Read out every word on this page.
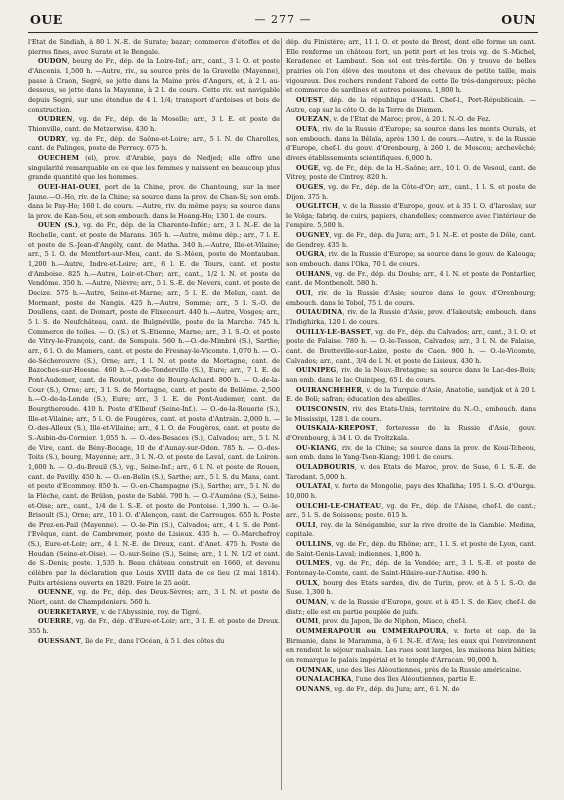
OUE	— 277 —	OUN

l'Etat de Sindiah, à 80 l. N.-E. de Surate; bazar; commerce d'étoffes et de pierres fines, avec Surate et le Bengale.

OUDON, bourg de Fr., dép. de la Loire-Inf.; arr., cant., 3 l. O. et poste d'Ancenis. 1,500 h. —Autre, riv., sa source près de la Gravelle (Mayenne), passe à Craon, Segré, se jette dans la Maine près d'Angers, et, à 2 l. au-dessous, se jette dans la Mayenne, à 2 l. de cours. Cette riv. est navigable depuis Segré, sur une étendue de 4 l. 1/4; transport d'ardoises et bois de construction.

OUDREN, vg. de Fr., dép. de la Moselle; arr., 3 l. E. et poste de Thionville, cant. de Metzerwise. 430 h.

OUDRY, vg. de Fr., dép. de Saône-et-Loire; arr., 5 l. N. de Charolles, cant. de Palinges, poste de Perrecy. 675 h.

OUECHEM (el), prov. d'Arabie, pays de Nedjed; elle offre une singularité remarquable en ce que les femmes y naissent en beaucoup plus grande quantité que les hommes.

OUEI-HAI-OUEI, port de la Chine, prov. de Chantoung, sur la mer Jaune.—O.-Ho, riv. de la Chine; sa source dans la prov. de Chan-Si; son emb. dans le Pay-Ho; 160 l. de cours. —Autre, riv. du même pays; sa source dans la prov. de Kan-Sou, et son embouch. dans le Hoang-Ho; 130 l. de cours.

OUEN (S.), vg. de Fr., dép. de la Charente-Infér.; arr., 3 l. N.-E. de la Rochelle, cant. et poste de Marans. 365 h. —Autre, même dép.; arr., 7 l. E. et poste de S.-Jean-d'Angély, cant. de Matha. 340 h.—Autre, Ille-et-Vilaine; arr., 5 l. O. de Montfort-sur-Meu, cant. de S.-Méen, poste de Montauban. 1,200 h.—Autre, Indre-et-Loire; arr., 6 l. E. de Tours, cant. et poste d'Amboise. 825 h.—Autre, Loir-et-Cher; arr., cant., 1/2 l. N. et poste de Vendôme. 350 h. —Autre, Nièvre; arr., 5 l. S.-E. de Nevers, cant. et poste de Decize. 575 h.—Autre, Seine-et-Marne; arr., 5 l. E. de Melun, cant. de Mormant, poste de Nangis. 425 h.—Autre, Somme; arr., 5 l. S.-O. de Doullens, cant. de Domart, poste de Flixecourt. 440 h.—Autre, Vosges; arr., 5 l. S. de Neufchâteau, cant. de Bulgnéville, poste de la Marche. 745 h. Commerce de toiles. — O. (S.) et S.-Etienne, Marne; arr., 3 l. S.-O. et poste de Vitry-le-François, cant. de Sompuis. 560 h.—O.-de-Mimbré (S.), Sarthe; arr., 6 l. O. de Mamers, cant. et poste de Fresnay-le-Vicomte. 1,070 h. — O.-de-Sécherouvre (S.), Orne; arr., 1 l. N. et poste de Mortagne, cant. de Bazoches-sur-Hoesne. 460 h.—O.-de-Tonderville (S.), Eure; arr., 7 l. E. de Pont-Audemer, cant. de Routot, poste de Bourg-Achard. 800 h. — O.-de-la-Cour (S.), Orne; arr., 3 l. S. de Mortagne, cant. et poste de Bellême. 2,500 h.—O.-de-la-Londe (S.), Eure; arr., 3 l. E. de Pont-Audemer, cant. de Bourgtheroude. 410 h. Poste d'Elbeuf (Seine-Inf.). — O.-de-la-Rouerie (S.), Ille-et-Vilaine; arr., 5 l. O. de Fougères, cant. et poste d'Antrain. 2,000 h. — O.-des-Alleux (S.), Ille-et-Vilaine; arr., 4 l. O. de Fougères, cant. et poste de S.-Aubin-du-Cormier. 1,055 h. — O.-des-Besaces (S.), Calvados; arr., 5 l. N. de Vire, cant. de Bény-Bocage, 10 de d'Aunay-sur-Odon. 785 h. — O.-des-Toits (S.), bourg, Mayenne; arr., 3 l. N.-O. et poste de Laval, cant. de Loiron. 1,600 h. — O.-du-Breuil (S.), vg., Seine-Inf.; arr., 6 l. N. et poste de Rouen, cant. de Pavilly. 450 h. — O.-en-Belin (S.), Sarthe; arr., 5 l. S. du Mans, cant. et poste d'Ecommoy. 850 h. — O.-en-Champagne (S.), Sarthe; arr., 5 l. N. de la Flèche, cant. de Brûlon, poste de Sablé. 790 h. — O.-l'Aumône (S.), Seine-et-Oise; arr., cant., 1/4 de l. S.-E. et poste de Pontoise. 1,390 h. — O.-le-Brisoult (S.), Orne; arr., 10 l. O. d'Alençon, cant. de Carrouges. 655 h. Poste de Prez-en-Pail (Mayenne). — O.-le-Pin (S.), Calvados; arr., 4 l. S. de Pont-l'Evêque, cant. de Cambremer, poste de Lisieux. 435 h. — O.-Marchefroy (S.), Eure-et-Loir; arr., 4 l. N.-E. de Dreux, cant. d'Anet. 475 h. Poste de Houdan (Seine-et-Oise). — O.-sur-Seine (S.), Seine; arr., 1 l. N. 1/2 et cant. de S.-Denis; poste. 1,535 h. Beau château construit en 1660, et devenu célèbre par la déclaration que Louis XVIII data de ce lieu (2 mai 1814). Puits artésiens ouverts en 1829. Foire le 25 août.

OUENNE, vg. de Fr., dép. des Deux-Sèvres; arr., 3 l. N. et poste de Niort, cant. de Champdeniers. 560 h.

OUERKETARYE, v. de l'Abyssinie, roy. de Tigré.

OUERRE, vg. de Fr., dép. d'Eure-et-Loir; arr., 3 l. E. et poste de Dreux. 355 h.

OUESSANT, île de Fr., dans l'Océan, à 5 l. des côtes du

dép. du Finistère; arr., 11 l. O. et poste de Brest, dont elle forme un cant. Elle renferme un château fort, un petit port et les trois vg. de S.-Michel, Keradenec et Lambaut. Son sol est très-fertile. On y trouve de belles prairies où l'on élève des moutons et des chevaux de petite taille, mais vigoureux. Des rochers rendent l'abord de cette île très-dangereux; pêche et commerce de sardines et autres poissons. 1,800 h.

OUEST, dép. de la république d'Haïti. Chef-l., Port-Républicain. — Autre, cap sur la côte O. de la Terre de Diemen.

OUEZAN, v. de l'Etat de Maroc; prov., à 20 l. N.-O. de Fez.

OUFA, riv. de la Russie d'Europe; sa source dans les monts Ourals, et son embouch. dans la Bêlaïa, après 130 l. de cours.—Autre, v. de la Russie d'Europe, chef-l. du gouv. d'Orenbourg, à 260 l. de Moscou; archevêché; divers établissements scientifiques. 6,000 h.

OUGE, vg. de Fr., dép. de la H.-Saône; arr., 10 l. O. de Vesoul, cant. de Vitrey, poste de Cintrey. 820 h.

OUGES, vg. de Fr., dép. de la Côte-d'Or; arr., cant., 1 l. S. et poste de Dijon. 375 h.

OUGLITCH, v. de la Russie d'Europe, gouv. et à 35 l. O. d'Iaroslav, sur le Volga; fabriq. de cuirs, papiers, chandelles; commerce avec l'intérieur de l'empire. 5,500 h.

OUGNEY, vg. de Fr., dép. du Jura; arr., 5 l. N.-E. et poste de Dôle, cant. de Gendrey. 435 h.

OUGRA, riv. de la Russie d'Europe; sa source dans le gouv. de Kalouga; son embouch. dans l'Oka, 70 l. de cours.

OUHANS, vg. de Fr., dép. du Doubs; arr., 4 l. N. et poste de Pontarlier, cant. de Montbenoît. 580 h.

OUI, riv. de la Russie d'Asie; source dans le gouv. d'Orenbourg; embouch. dans le Tobol, 75 l. de cours.

OUIAUDINA, riv. de la Russie d'Asie, prov. d'Iakoutsk; embouch. dans l'Indighirka, 120 l. de cours.

OUILLY-LE-BASSET, vg. de Fr., dép. du Calvados; arr., cant., 3 l. O. et poste de Falaise. 780 h. — O.-le-Tesson, Calvados; arr., 3 l. N. de Falaise, cant. de Bretteville-sur-Laize, poste de Caen. 900 h. — O.-le-Vicomte, Calvados; arr., cant., 3/4 de l. N. et poste de Lisieux. 430 h.

OUINIPEG, riv. de la Nouv.-Bretagne; sa source dans le Lac-des-Bois; son emb. dans le lac Ouinipeg, 65 l. de cours.

OUIRANCHEHER, v. de la Turquie d'Asie, Anatolie, sandjak et à 20 l. E. de Boli; safran; éducation des abeilles.

OUISCONSIN, riv. des Etats-Unis, territoire du N.-O., embouch. dans le Mississipi, 128 l. de cours.

OUISKAIA-KREPOST, forteresse de la Russie d'Asie, gouv. d'Orenbourg, à 34 l. O. de Troïtzkaïa.

OU-KIANG, riv. de la Chine; sa source dans la prov. de Koui-Tcheou, son emb. dans le Yang-Tsen-Kiang; 100 l. de cours.

OULADBOURIS, v. des Etats de Maroc, prov. de Suse, 6 l. S.-E. de Tarodant. 5,000 h.

OULATAI, v. forte de Mongolie, pays des Khalkha; 195 l. S.-O. d'Ourga. 10,000 h.

OULCHI-LE-CHATEAU, vg. de Fr., dép. de l'Aisne, chef-l. de cant.; arr., 5 l. S. de Soissons; poste. 615 h.

OULI, roy. de la Sénégambie, sur la rive droite de la Gambie. Medina, capitale.

OULLINS, vg. de Fr., dép. du Rhône; arr., 1 l. S. et poste de Lyon, cant. de Saint-Genis-Laval; indiennes. 1,800 h.

OULMES, vg. de Fr., dép. de la Vendée; arr., 3 l. S.-E. et poste de Fontenay-le-Comte, cant. de Saint-Hilaire-sur-l'Autise. 490 h.

OULX, bourg des Etats sardes, div. de Turin, prov. et à 5 l. S.-O. de Suse. 1,300 h.

OUMAN, v. de la Russie d'Europe, gouv. et à 45 l. S. de Kiev, chef-l. de distr.; elle est en partie peuplée de juifs.

OUMI, prov. du Japon, île de Niphon, Miaco, chef-l.

OUMMERAPOUR ou UMMERAPOURA, v. forte et cap. de la Birmanie, dans le Maramma, à 6 l. N.-E. d'Ava; les eaux qui l'environnent en rendent le séjour malsain. Les rues sont larges, les maisons bien bâties; on remarque le palais impérial et le temple d'Arracan. 90,000 h.

OUMNAK, une des îles Aléoutiennes, près de la Russie américaine.

OUNALACHKA, l'une des îles Aléoutiennes, partie E.

OUNANS, vg. de Fr., dép. du Jura; arr., 6 l. N. de
